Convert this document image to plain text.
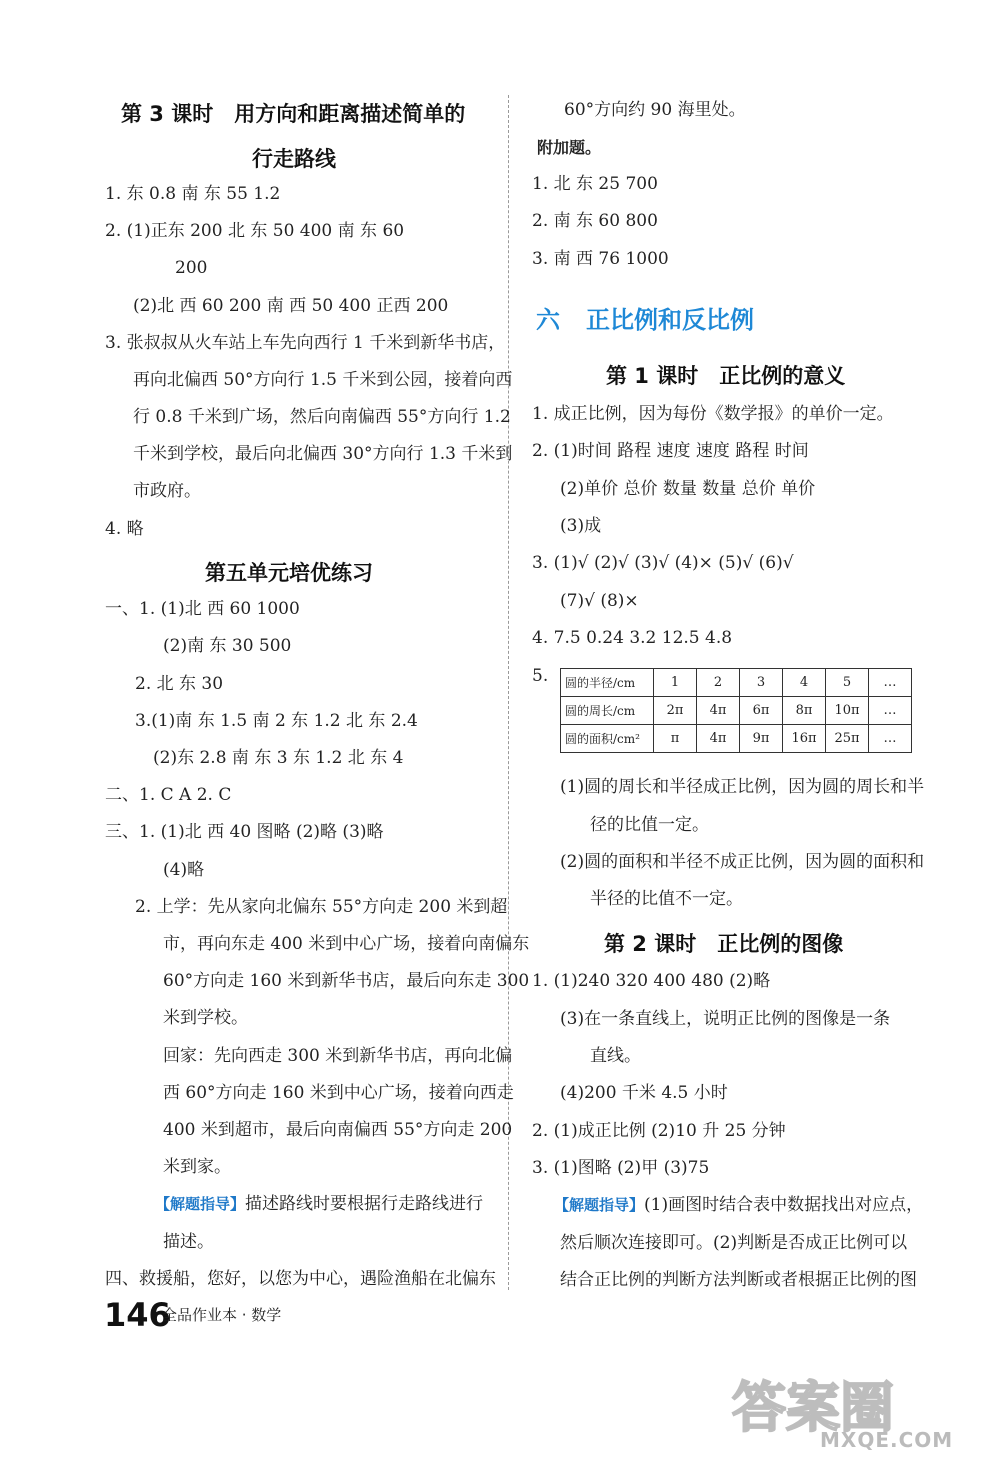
第 3 课时　用方向和距离描述简单的
行走路线
1. 东 0.8 南 东 55 1.2
2. (1)正东 200 北 东 50 400 南 东 60
200
(2)北 西 60 200 南 西 50 400 正西 200
3. 张叔叔从火车站上车先向西行 1 千米到新华书店，
再向北偏西 50°方向行 1.5 千米到公园，接着向西
行 0.8 千米到广场，然后向南偏西 55°方向行 1.2
千米到学校，最后向北偏西 30°方向行 1.3 千米到
市政府。
4. 略
第五单元培优练习
一、1. (1)北 西 60 1000
(2)南 东 30 500
2. 北 东 30
3.(1)南 东 1.5 南 2 东 1.2 北 东 2.4
(2)东 2.8 南 东 3 东 1.2 北 东 4
二、1. C A 2. C
三、1. (1)北 西 40 图略 (2)略 (3)略
(4)略
2. 上学：先从家向北偏东 55°方向走 200 米到超
市，再向东走 400 米到中心广场，接着向南偏东
60°方向走 160 米到新华书店，最后向东走 300
米到学校。
回家：先向西走 300 米到新华书店，再向北偏
西 60°方向走 160 米到中心广场，接着向西走
400 米到超市，最后向南偏西 55°方向走 200
米到家。
【解题指导】描述路线时要根据行走路线进行
描述。
四、救援船，您好，以您为中心，遇险渔船在北偏东
60°方向约 90 海里处。
附加题。
1. 北 东 25 700
2. 南 东 60 800
3. 南 西 76 1000
六 正比例和反比例
第 1 课时　正比例的意义
1. 成正比例，因为每份《数学报》的单价一定。
2. (1)时间 路程 速度 速度 路程 时间
(2)单价 总价 数量 数量 总价 单价
(3)成
3. (1)√ (2)√ (3)√ (4)× (5)√ (6)√
(7)√ (8)×
4. 7.5 0.24 3.2 12.5 4.8
5. 圆的半径/cm	1	2	3	4	5	…
圆的周长/cm	2π	4π	6π	8π	10π	…
圆的面积/cm²	π	4π	9π	16π	25π	…
(1)圆的周长和半径成正比例，因为圆的周长和半
径的比值一定。
(2)圆的面积和半径不成正比例，因为圆的面积和
半径的比值不一定。
第 2 课时　正比例的图像
1. (1)240 320 400 480 (2)略
(3)在一条直线上，说明正比例的图像是一条
直线。
(4)200 千米 4.5 小时
2. (1)成正比例 (2)10 升 25 分钟
3. (1)图略 (2)甲 (3)75
【解题指导】(1)画图时结合表中数据找出对应点，
然后顺次连接即可。(2)判断是否成正比例可以
结合正比例的判断方法判断或者根据正比例的图
146
全品作业本 · 数学
答案圈
MXQE.COM
